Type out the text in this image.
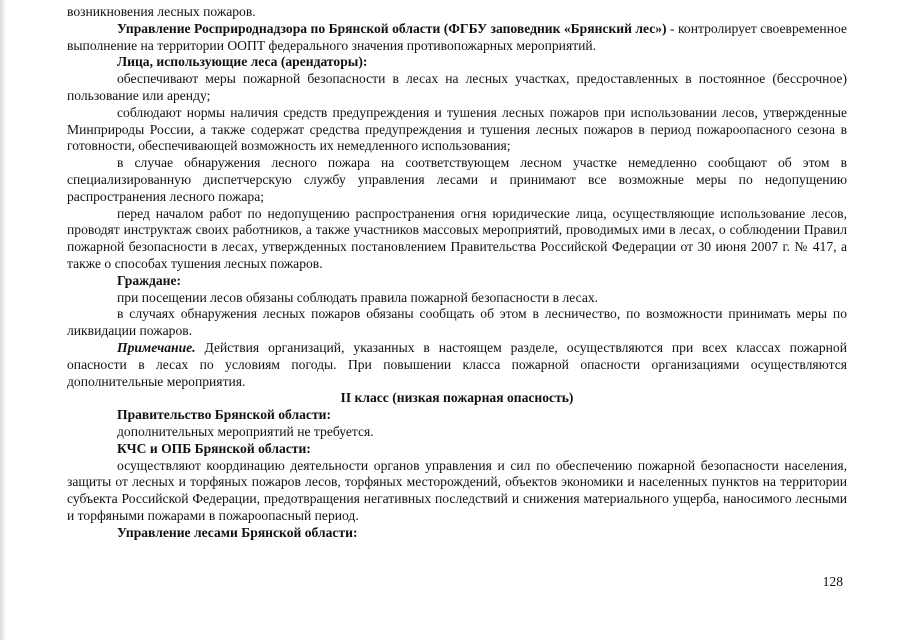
возникновения лесных пожаров.

Управление Росприроднадзора по Брянской области (ФГБУ заповедник «Брянский лес») - контролирует своевременное выполнение на территории ООПТ федерального значения противопожарных мероприятий.

Лица, использующие леса (арендаторы):

обеспечивают меры пожарной безопасности в лесах на лесных участках, предоставленных в постоянное (бессрочное) пользование или аренду;

соблюдают нормы наличия средств предупреждения и тушения лесных пожаров при использовании лесов, утвержденные Минприроды России, а также содержат средства предупреждения и тушения лесных пожаров в период пожароопасного сезона в готовности, обеспечивающей возможность их немедленного использования;

в случае обнаружения лесного пожара на соответствующем лесном участке немедленно сообщают об этом в специализированную диспетчерскую службу управления лесами и принимают все возможные меры по недопущению распространения лесного пожара;

перед началом работ по недопущению распространения огня юридические лица, осуществляющие использование лесов, проводят инструктаж своих работников, а также участников массовых мероприятий, проводимых ими в лесах, о соблюдении Правил пожарной безопасности в лесах, утвержденных постановлением Правительства Российской Федерации от 30 июня 2007 г. № 417, а также о способах тушения лесных пожаров.

Граждане:

при посещении лесов обязаны соблюдать правила пожарной безопасности в лесах.

в случаях обнаружения лесных пожаров обязаны сообщать об этом в лесничество, по возможности принимать меры по ликвидации пожаров.

Примечание. Действия организаций, указанных в настоящем разделе, осуществляются при всех классах пожарной опасности в лесах по условиям погоды. При повышении класса пожарной опасности организациями осуществляются дополнительные мероприятия.

II класс (низкая пожарная опасность)

Правительство Брянской области:

дополнительных мероприятий не требуется.

КЧС и ОПБ Брянской области:

осуществляют координацию деятельности органов управления и сил по обеспечению пожарной безопасности населения, защиты от лесных и торфяных пожаров лесов, торфяных месторождений, объектов экономики и населенных пунктов на территории субъекта Российской Федерации, предотвращения негативных последствий и снижения материального ущерба, наносимого лесными и торфяными пожарами в пожароопасный период.

Управление лесами Брянской области:

128
